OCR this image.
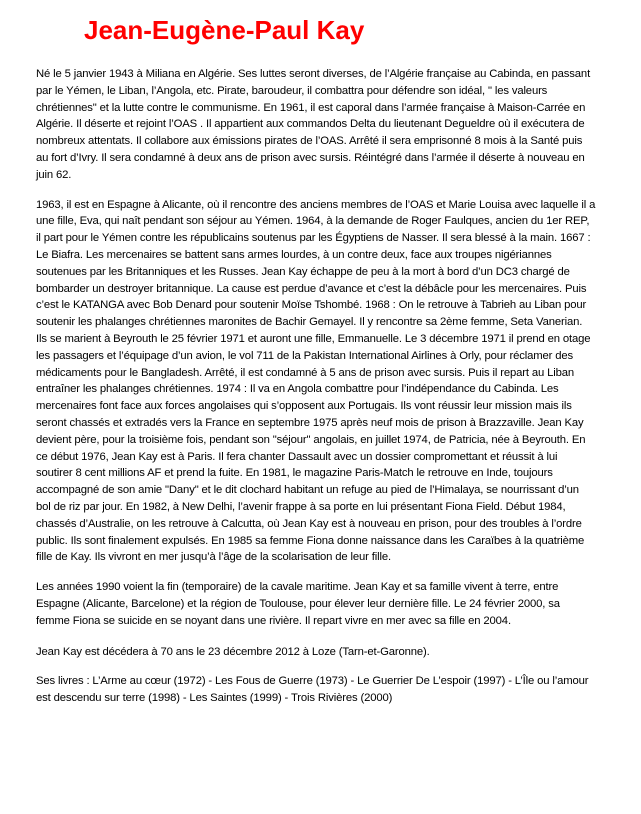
Jean-Eugène-Paul Kay

Né le 5 janvier 1943 à Miliana en Algérie. Ses luttes seront diverses, de l’Algérie française au Cabinda, en passant par le Yémen, le Liban, l’Angola, etc. Pirate, baroudeur, il combattra pour défendre son idéal, " les valeurs chrétiennes" et la lutte contre le communisme. En 1961, il est caporal dans l’armée française à Maison-Carrée en Algérie. Il déserte et rejoint l’OAS . Il appartient aux commandos Delta du lieutenant Degueldre où il exécutera de nombreux attentats. Il collabore aux émissions pirates de l’OAS. Arrêté il sera emprisonné 8 mois à la Santé puis au fort d’Ivry. Il sera condamné à deux ans de prison avec sursis. Réintégré dans l’armée il déserte à nouveau en juin 62.

1963, il est en Espagne à Alicante, où il rencontre des anciens membres de l’OAS et Marie Louisa avec laquelle il a une fille, Eva, qui naît pendant son séjour au Yémen. 1964, à la demande de Roger Faulques, ancien du 1er REP, il part pour le Yémen contre les républicains soutenus par les Égyptiens de Nasser. Il sera blessé à la main. 1667 : Le Biafra. Les mercenaires se battent sans armes lourdes, à un contre deux, face aux troupes nigériannes soutenues par les Britanniques et les Russes. Jean Kay échappe de peu à la mort à bord d’un DC3 chargé de bombarder un destroyer britannique. La cause est perdue d’avance et c’est la débâcle pour les mercenaires. Puis c’est le KATANGA avec Bob Denard pour soutenir Moïse Tshombé. 1968 : On le retrouve à Tabrieh au Liban pour soutenir les phalanges chrétiennes maronites de Bachir Gemayel. Il y rencontre sa 2ème femme, Seta Vanerian. Ils se marient à Beyrouth le 25 février 1971 et auront une fille, Emmanuelle. Le 3 décembre 1971 il prend en otage les passagers et l’équipage d’un avion, le vol 711 de la Pakistan International Airlines à Orly, pour réclamer des médicaments pour le Bangladesh. Arrêté, il est condamné à 5 ans de prison avec sursis. Puis il repart au Liban entraîner les phalanges chrétiennes. 1974 : Il va en Angola combattre pour l’indépendance du Cabinda. Les mercenaires font face aux forces angolaises qui s’opposent aux Portugais. Ils vont réussir leur mission mais ils seront chassés et extradés vers la France en septembre 1975 après neuf mois de prison à Brazzaville. Jean Kay devient père, pour la troisième fois, pendant son "séjour" angolais, en juillet 1974, de Patricia, née à Beyrouth. En ce début 1976, Jean Kay est à Paris. Il fera chanter Dassault avec un dossier compromettant et réussit à lui soutirer 8 cent millions AF et prend la fuite. En 1981, le magazine Paris-Match le retrouve en Inde, toujours accompagné de son amie "Dany" et le dit clochard habitant un refuge au pied de l’Himalaya, se nourrissant d’un bol de riz par jour. En 1982, à New Delhi, l’avenir frappe à sa porte en lui présentant Fiona Field. Début 1984, chassés d’Australie, on les retrouve à Calcutta, où Jean Kay est à nouveau en prison, pour des troubles à l’ordre public. Ils sont finalement expulsés. En 1985 sa femme Fiona donne naissance dans les Caraïbes à la quatrième fille de Kay. Ils vivront en mer jusqu’à l’âge de la scolarisation de leur fille.

Les années 1990 voient la fin (temporaire) de la cavale maritime. Jean Kay et sa famille vivent à terre, entre Espagne (Alicante, Barcelone) et la région de Toulouse, pour élever leur dernière fille. Le 24 février 2000, sa femme Fiona se suicide en se noyant dans une rivière. Il repart vivre en mer avec sa fille en 2004.

Jean Kay est décédera à 70 ans le 23 décembre 2012 à Loze (Tarn-et-Garonne).

Ses livres : L’Arme au cœur (1972) - Les Fous de Guerre (1973) - Le Guerrier De L’espoir (1997) - L’Île ou l’amour est descendu sur terre (1998) - Les Saintes (1999) - Trois Rivières (2000)
